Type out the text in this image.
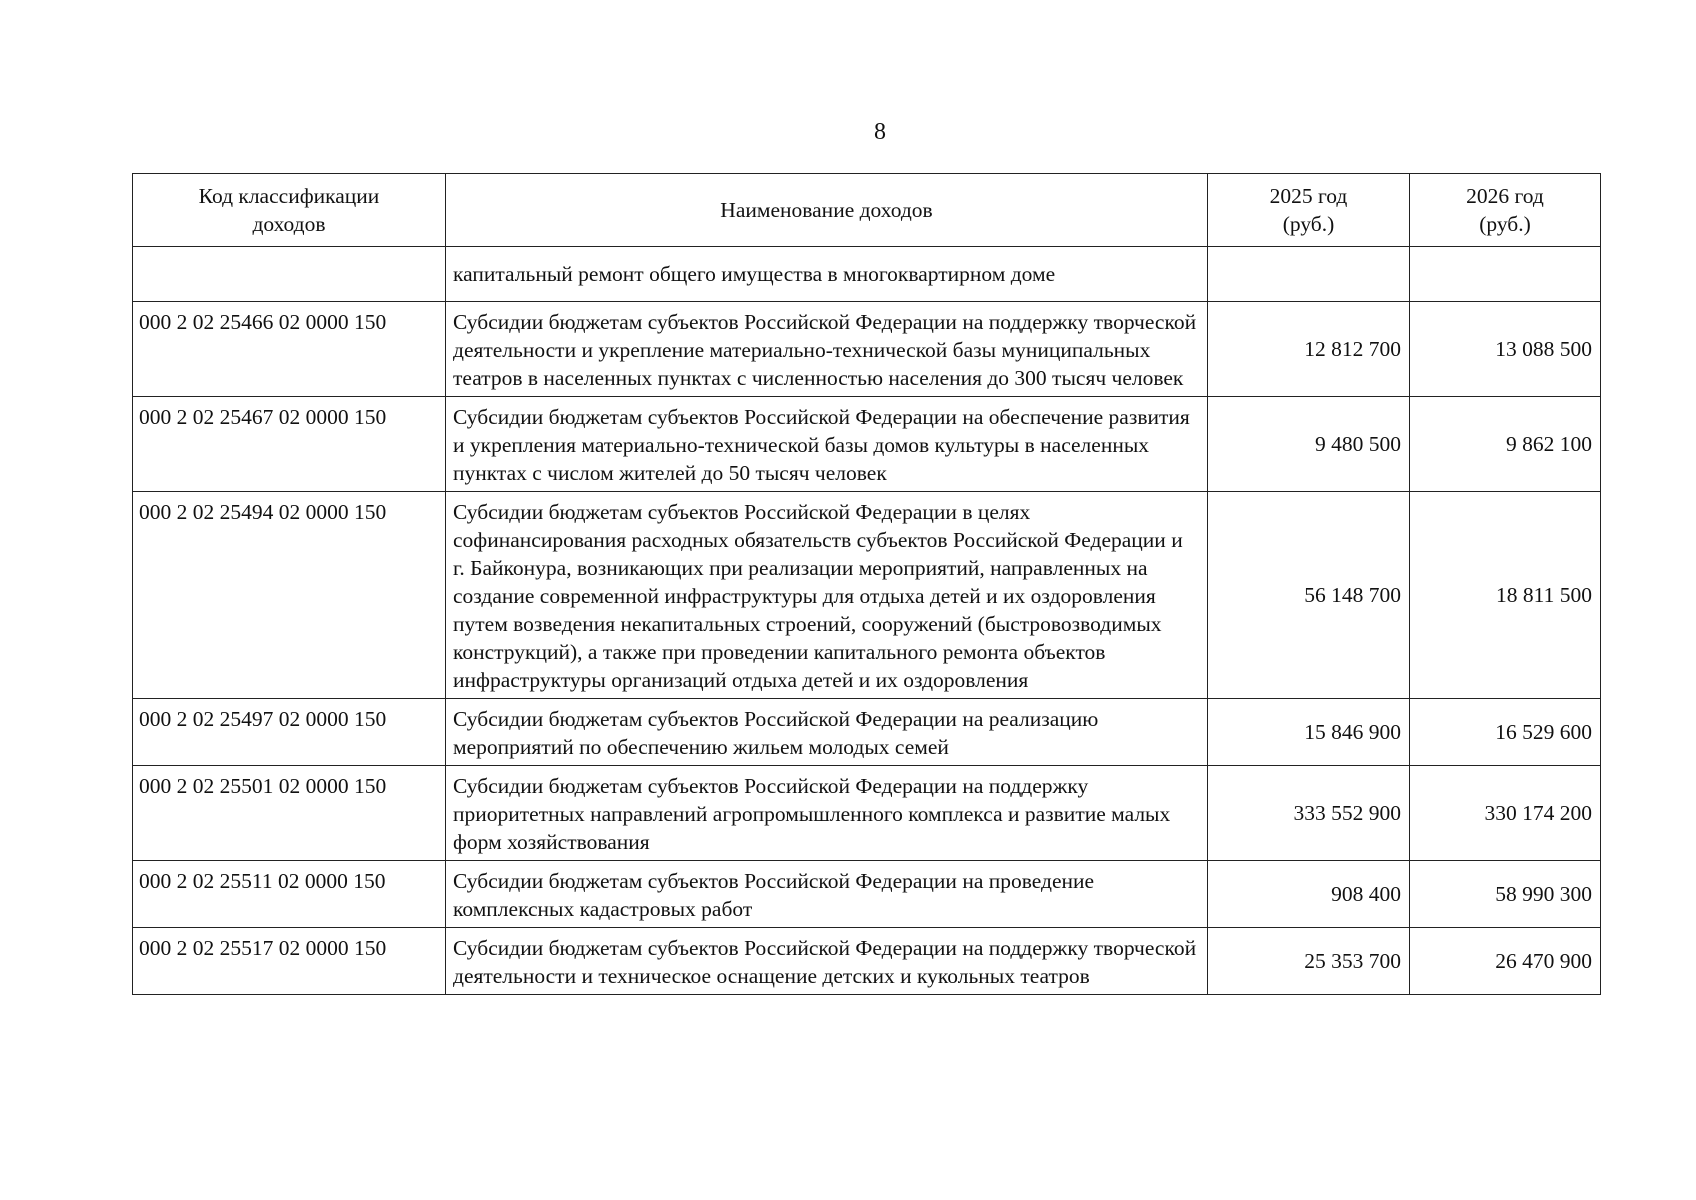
8
Код классификации доходов	Наименование доходов	2025 год (руб.)	2026 год (руб.)
	капитальный ремонт общего имущества в многоквартирном доме		
000 2 02 25466 02 0000 150	Субсидии бюджетам субъектов Российской Федерации на поддержку творческой деятельности и укрепление материально-технической базы муниципальных театров в населенных пунктах с численностью населения до 300 тысяч человек	12 812 700	13 088 500
000 2 02 25467 02 0000 150	Субсидии бюджетам субъектов Российской Федерации на обеспечение развития и укрепления материально-технической базы домов культуры в населенных пунктах с числом жителей до 50 тысяч человек	9 480 500	9 862 100
000 2 02 25494 02 0000 150	Субсидии бюджетам субъектов Российской Федерации в целях софинансирования расходных обязательств субъектов Российской Федерации и г. Байконура, возникающих при реализации мероприятий, направленных на создание современной инфраструктуры для отдыха детей и их оздоровления путем возведения некапитальных строений, сооружений (быстровозводимых конструкций), а также при проведении капитального ремонта объектов инфраструктуры организаций отдыха детей и их оздоровления	56 148 700	18 811 500
000 2 02 25497 02 0000 150	Субсидии бюджетам субъектов Российской Федерации на реализацию мероприятий по обеспечению жильем молодых семей	15 846 900	16 529 600
000 2 02 25501 02 0000 150	Субсидии бюджетам субъектов Российской Федерации на поддержку приоритетных направлений агропромышленного комплекса и развитие малых форм хозяйствования	333 552 900	330 174 200
000 2 02 25511 02 0000 150	Субсидии бюджетам субъектов Российской Федерации на проведение комплексных кадастровых работ	908 400	58 990 300
000 2 02 25517 02 0000 150	Субсидии бюджетам субъектов Российской Федерации на поддержку творческой деятельности и техническое оснащение детских и кукольных театров	25 353 700	26 470 900
